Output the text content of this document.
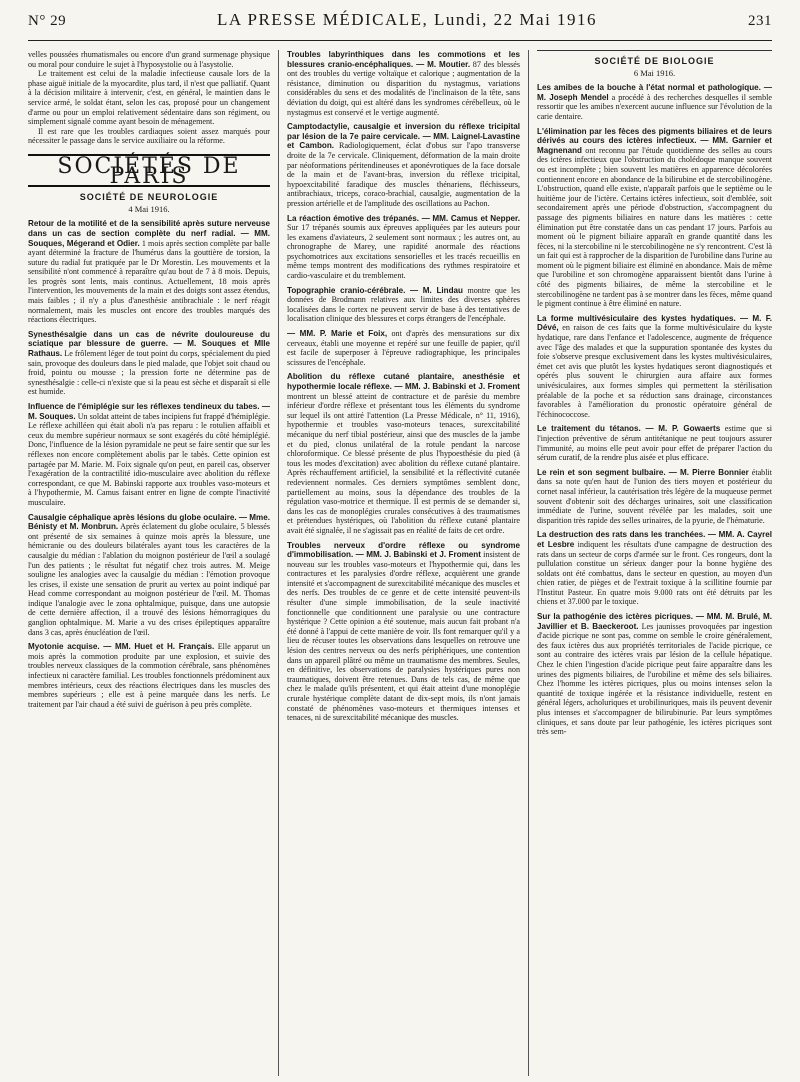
N° 29	LA PRESSE MÉDICALE, Lundi, 22 Mai 1916	231

velles poussées rhumatismales ou encore d'un grand surmenage physique ou moral pour conduire le sujet à l'hyposystolie ou à l'asystolie.

Le traitement est celui de la maladie infectieuse causale lors de la phase aiguë initiale de la myocardite, plus tard, il n'est que palliatif. Quant à la décision militaire à intervenir, c'est, en général, le maintien dans le service armé, le soldat étant, selon les cas, proposé pour un changement d'arme ou pour un emploi relativement sédentaire dans son régiment, ou simplement signalé comme ayant besoin de ménagement.

Il est rare que les troubles cardiaques soient assez marqués pour nécessiter le passage dans le service auxiliaire ou la réforme.

SOCIÉTÉS DE PARIS
SOCIÉTÉ DE NEUROLOGIE
4 Mai 1916.
Retour de la motilité et de la sensibilité après suture nerveuse dans un cas de section complète du nerf radial. — MM. Souques, Mégerand et Odier. 1 mois après section complète par balle ayant déterminé la fracture de l'humérus dans la gouttière de torsion, la suture du radial fut pratiquée par le Dr Morestin. Les mouvements et la sensibilité n'ont commencé à reparaître qu'au bout de 7 à 8 mois. Depuis, les progrès sont lents, mais continus. Actuellement, 18 mois après l'intervention, les mouvements de la main et des doigts sont assez étendus, mais faibles ; il n'y a plus d'anesthésie antibrachiale : le nerf réagit normalement, mais les muscles ont encore des troubles marqués des réactions électriques.
Synesthésalgie dans un cas de névrite douloureuse du sciatique par blessure de guerre. — M. Souques et Mlle Rathaus. Le frôlement léger de tout point du corps, spécialement du pied sain, provoque des douleurs dans le pied malade, que l'objet soit chaud ou froid, pointu ou mousse ; la pression forte ne détermine pas de synesthésalgie : celle-ci n'existe que si la peau est sèche et disparaît si elle est humide.
Influence de l'émiplégie sur les réflexes tendineux du tabes. — M. Souques. Un soldat atteint de tabes incipiens fut frappé d'hémiplégie. Le réflexe achilléen qui était aboli n'a pas reparu : le rotulien affaibli et ceux du membre supérieur normaux se sont exagérés du côté hémiplégié. Donc, l'influence de la lésion pyramidale ne peut se faire sentir que sur les réflexes non encore complètement abolis par le tabès. Cette opinion est partagée par M. Marie. M. Foix signale qu'on peut, en pareil cas, observer l'exagération de la contractilité idio-musculaire avec abolition du réflexe correspondant, ce que M. Babinski rapporte aux troubles vaso-moteurs et à l'hypothermie, M. Camus faisant entrer en ligne de compte l'inactivité musculaire.
Causalgie céphalique après lésions du globe oculaire. — Mme. Bénisty et M. Monbrun. Après éclatement du globe oculaire, 5 blessés ont présenté de six semaines à quinze mois après la blessure, une hémicranie ou des douleurs bilatérales ayant tous les caractères de la causalgie du médian : l'ablation du moignon postérieur de l'œil a soulagé l'un des patients ; le résultat fut négatif chez trois autres. M. Meige souligne les analogies avec la causalgie du médian : l'émotion provoque les crises, il existe une sensation de prurit au vertex au point indiqué par Head comme correspondant au moignon postérieur de l'œil. M. Thomas indique l'analogie avec le zona ophtalmique, puisque, dans une autopsie de cette dernière affection, il a trouvé des lésions hémorragiques du ganglion ophtalmique. M. Marie a vu des crises épileptiques apparaître dans 3 cas, après énucléation de l'œil.
Myotonie acquise. — MM. Huet et H. Français. Elle apparut un mois après la commotion produite par une explosion, et suivie des troubles nerveux classiques de la commotion cérébrale, sans phénomènes infectieux ni caractère familial. Les troubles fonctionnels prédominent aux membres intérieurs, ceux des réactions électriques dans les muscles des membres supérieurs ; elle est à peine marquée dans les nerfs. Le traitement par l'air chaud a été suivi de guérison à peu près complète.
Troubles labyrinthiques dans les commotions et les blessures cranio-encéphaliques. — M. Moutier. 87 des blessés ont des troubles du vertige voltaïque et calorique ; augmentation de la résistance, diminution ou disparition du nystagmus, variations considérables du sens et des modalités de l'inclinaison de la tête, sans déviation du doigt, qui est altéré dans les syndromes cérébelleux, où le nystagmus est conservé et le vertige augmenté.
Camptodactylie, causalgie et inversion du réflexe tricipital par lésion de la 7e paire cervicale. — MM. Laignel-Lavastine et Cambon. Radiologiquement, éclat d'obus sur l'apo transverse droite de la 7e cervicale. Cliniquement, déformation de la main droite par néoformations péritendineuses et aponévrotiques de la face dorsale de la main et de l'avant-bras, inversion du réflexe tricipital, hypoexcitabilité faradique des muscles thénariens, fléchisseurs, antibrachiaux, triceps, coraco-brachial, causalgie, augmentation de la pression artérielle et de l'amplitude des oscillations au Pachon.
La réaction émotive des trépanés. — MM. Camus et Nepper. Sur 17 trépanés soumis aux épreuves appliquées par les auteurs pour les examens d'aviateurs, 2 seulement sont normaux ; les autres ont, au chronographe de Marey, une rapidité anormale des réactions psychomotrices aux excitations sensorielles et les tracés recueillis en même temps montrent des modifications des rythmes respiratoire et cardio-vasculaire et du tremblement.
Topographie cranio-cérébrale. — M. Lindau montre que les données de Brodmann relatives aux limites des diverses sphères localisées dans le cortex ne peuvent servir de base à des tentatives de localisation clinique des blessures et corps étrangers de l'encéphale.
— MM. P. Marie et Foix, ont d'après des mensurations sur dix cerveaux, établi une moyenne et repéré sur une feuille de papier, qu'il est facile de superposer à l'épreuve radiographique, les principales scissures de l'encéphale.
Abolition du réflexe cutané plantaire, anesthésie et hypothermie locale réflexe. — MM. J. Babinski et J. Froment montrent un blessé atteint de contracture et de parésie du membre inférieur d'ordre réflexe et présentant tous les éléments du syndrome sur lequel ils ont attiré l'attention (La Presse Médicale, n° 11, 1916), hypothermie et troubles vaso-moteurs tenaces, surexcitabilité mécanique du nerf tibial postérieur, ainsi que des muscles de la jambe et du pied, clonus unilatéral de la rotule pendant la narcose chloroformique. Ce blessé présente de plus l'hypoesthésie du pied (à tous les modes d'excitation) avec abolition du réflexe cutané plantaire. Après réchauffement artificiel, la sensibilité et la réflectivité cutanée redeviennent normales. Ces derniers symptômes semblent donc, partiellement au moins, sous la dépendance des troubles de la régulation vaso-motrice et thermique. Il est permis de se demander si, dans les cas de monoplégies crurales consécutives à des traumatismes et prétendues hystériques, où l'abolition du réflexe cutané plantaire avait été signalée, il ne s'agissait pas en réalité de faits de cet ordre.
Troubles nerveux d'ordre réflexe ou syndrome d'immobilisation. — MM. J. Babinski et J. Froment insistent de nouveau sur les troubles vaso-moteurs et l'hypothermie qui, dans les contractures et les paralysies d'ordre réflexe, acquièrent une grande intensité et s'accompagnent de surexcitabilité mécanique des muscles et des nerfs. Des troubles de ce genre et de cette intensité peuvent-ils résulter d'une simple immobilisation, de la seule inactivité fonctionnelle que conditionnent une paralysie ou une contracture hystérique ? Cette opinion a été soutenue, mais aucun fait probant n'a été donné à l'appui de cette manière de voir. Ils font remarquer qu'il y a lieu de récuser toutes les observations dans lesquelles on retrouve une lésion des centres nerveux ou des nerfs périphériques, une contention dans un appareil plâtré ou même un traumatisme des membres. Seules, en définitive, les observations de paralysies hystériques pures non traumatiques, doivent être retenues. Dans de tels cas, de même que chez le malade qu'ils présentent, et qui était atteint d'une monoplégie crurale hystérique complète datant de dix-sept mois, ils n'ont jamais constaté de phénomènes vaso-moteurs et thermiques intenses et tenaces, ni de surexcitabilité mécanique des muscles.
SOCIÉTÉ DE BIOLOGIE
6 Mai 1916.
Les amibes de la bouche à l'état normal et pathologique. — M. Joseph Mendel a procédé à des recherches desquelles il semble ressortir que les amibes n'exercent aucune influence sur l'évolution de la carie dentaire.
L'élimination par les fèces des pigments biliaires et de leurs dérivés au cours des ictères infectieux. — MM. Garnier et Magnenand ont reconnu par l'étude quotidienne des selles au cours des ictères infectieux que l'obstruction du cholédoque manque souvent ou est incomplète ; bien souvent les matières en apparence décolorées contiennent encore en abondance de la bilirubine et de stercobilinogène. L'obstruction, quand elle existe, n'apparaît parfois que le septième ou le huitième jour de l'ictère. Certains ictères infectieux, soit d'emblée, soit secondairement après une période d'obstruction, s'accompagnent du passage des pigments biliaires en nature dans les matières : cette élimination put être constatée dans un cas pendant 17 jours. Parfois au moment où le pigment biliaire apparaît en grande quantité dans les fèces, ni la stercobiline ni le stercobilinogène ne s'y rencontrent. C'est là un fait qui est à rapprocher de la disparition de l'urobiline dans l'urine au moment où le pigment biliaire est éliminé en abondance. Mais de même que l'urobiline et son chromogène apparaissent bientôt dans l'urine à côté des pigments biliaires, de même la stercobiline et le stercobilinogène ne tardent pas à se montrer dans les fèces, même quand le pigment continue à être éliminé en nature.
La forme multivésiculaire des kystes hydatiques. — M. F. Dévé, en raison de ces faits que la forme multivésiculaire du kyste hydatique, rare dans l'enfance et l'adolescence, augmente de fréquence avec l'âge des malades et que la suppuration spontanée des kystes du foie s'observe presque exclusivement dans les kystes multivésiculaires, émet cet avis que plutôt les kystes hydatiques seront diagnostiqués et opérés plus souvent le chirurgien aura affaire aux formes univésiculaires, aux formes simples qui permettent la stérilisation préalable de la poche et sa réduction sans drainage, circonstances favorables à l'amélioration du pronostic opératoire général de l'échinococcose.
Le traitement du tétanos. — M. P. Gowaerts estime que si l'injection préventive de sérum antitétanique ne peut toujours assurer l'immunité, au moins elle peut avoir pour effet de préparer l'action du sérum curatif, de la rendre plus aisée et plus efficace.
Le rein et son segment bulbaire. — M. Pierre Bonnier établit dans sa note qu'en haut de l'union des tiers moyen et postérieur du cornet nasal inférieur, la cautérisation très légère de la muqueuse permet souvent d'obtenir soit des décharges urinaires, soit une classification immédiate de l'urine, souvent révélée par les malades, soit une disparition très rapide des selles urinaires, de la pyurie, de l'hématurie.
La destruction des rats dans les tranchées. — MM. A. Cayrel et Lesbre indiquent les résultats d'une campagne de destruction des rats dans un secteur de corps d'armée sur le front. Ces rongeurs, dont la pullulation constitue un sérieux danger pour la bonne hygiène des soldats ont été combattus, dans le secteur en question, au moyen d'un chien ratier, de pièges et de l'extrait toxique à la scillitine fournie par l'Institut Pasteur. En quatre mois 9.000 rats ont été détruits par les chiens et 37.000 par le toxique.
Sur la pathogénie des ictères picriques. — MM. M. Brulé, M. Javillier et B. Baeckeroot. Les jaunisses provoquées par ingestion d'acide picrique ne sont pas, comme on semble le croire généralement, des faux ictères dus aux propriétés territoriales de l'acide picrique, ce sont au contraire des ictères vrais par lésion de la cellule hépatique. Chez le chien l'ingestion d'acide picrique peut faire apparaître dans les urines des pigments biliaires, de l'urobiline et même des sels biliaires. Chez l'homme les ictères picriques, plus ou moins intenses selon la quantité de toxique ingérée et la résistance individuelle, restent en général légers, acholuriques et urobilinuriques, mais ils peuvent devenir plus intenses et s'accompagner de bilirubinurie. Par leurs symptômes cliniques, et sans doute par leur pathogénie, les ictères picriques sont très sem-
